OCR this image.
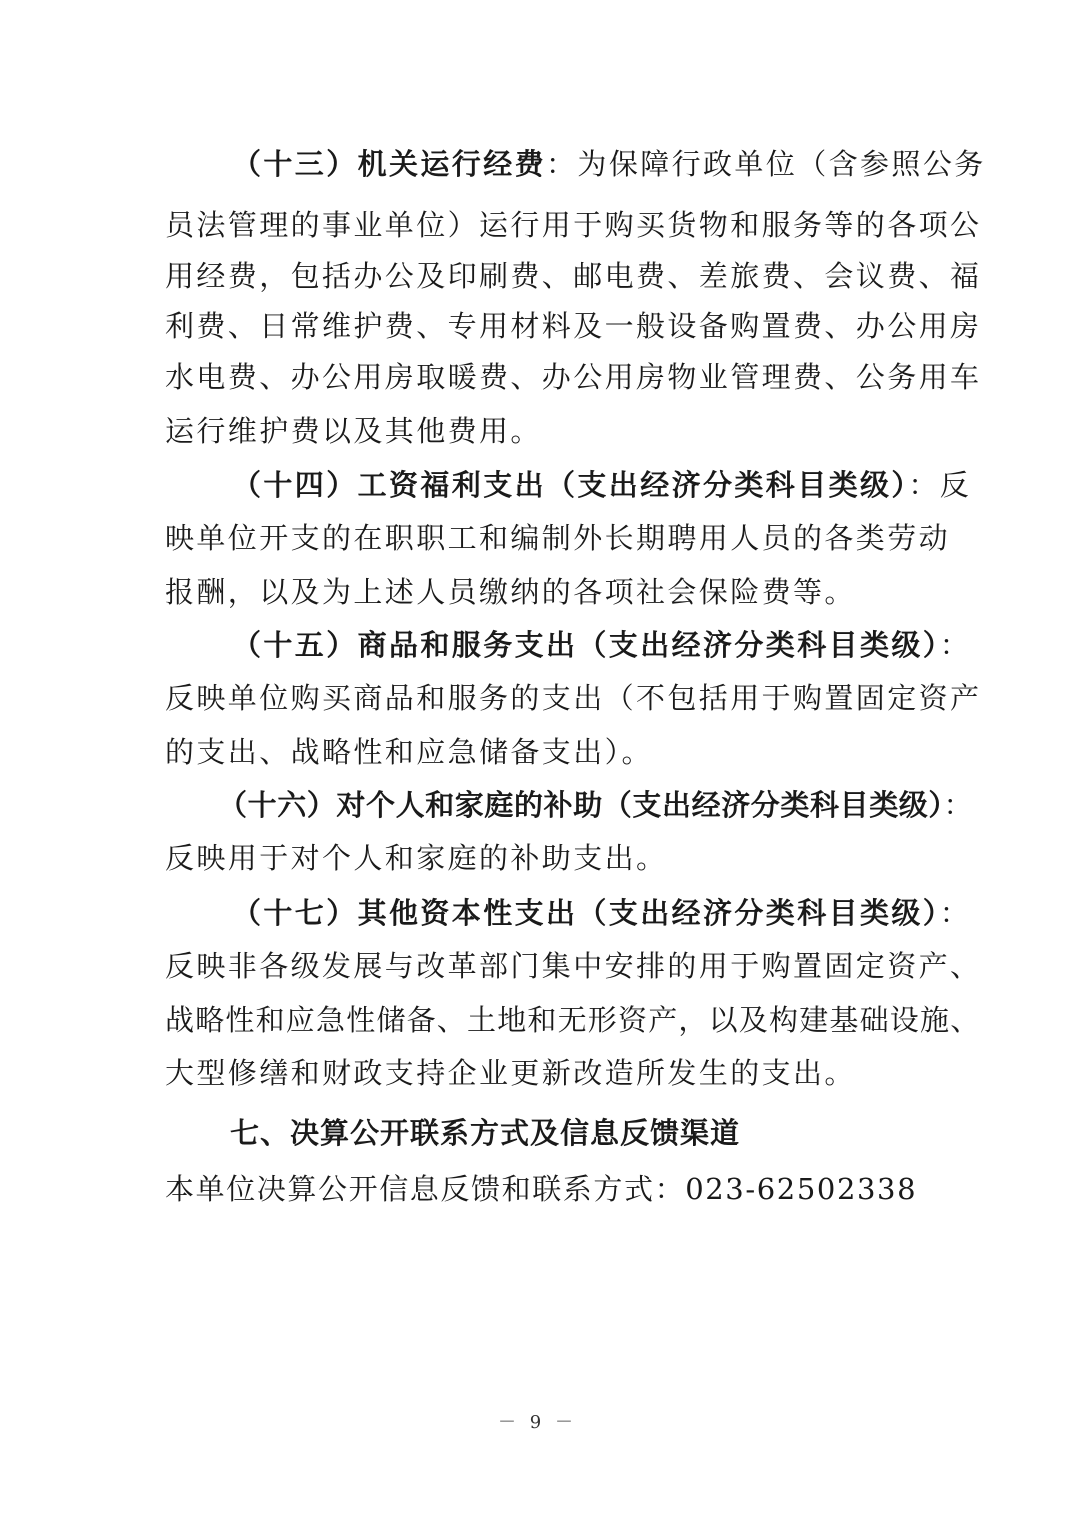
（十三）机关运行经费：为保障行政单位（含参照公务
员法管理的事业单位）运行用于购买货物和服务等的各项公
用经费，包括办公及印刷费、邮电费、差旅费、会议费、福
利费、日常维护费、专用材料及一般设备购置费、办公用房
水电费、办公用房取暖费、办公用房物业管理费、公务用车
运行维护费以及其他费用。
（十四）工资福利支出（支出经济分类科目类级）：反
映单位开支的在职职工和编制外长期聘用人员的各类劳动
报酬，以及为上述人员缴纳的各项社会保险费等。
（十五）商品和服务支出（支出经济分类科目类级）：
反映单位购买商品和服务的支出（不包括用于购置固定资产
的支出、战略性和应急储备支出）。
（十六）对个人和家庭的补助（支出经济分类科目类级）：
反映用于对个人和家庭的补助支出。
（十七）其他资本性支出（支出经济分类科目类级）：
反映非各级发展与改革部门集中安排的用于购置固定资产、
战略性和应急性储备、土地和无形资产，以及构建基础设施、
大型修缮和财政支持企业更新改造所发生的支出。
七、决算公开联系方式及信息反馈渠道
本单位决算公开信息反馈和联系方式：023-62502338
－ 9 －
